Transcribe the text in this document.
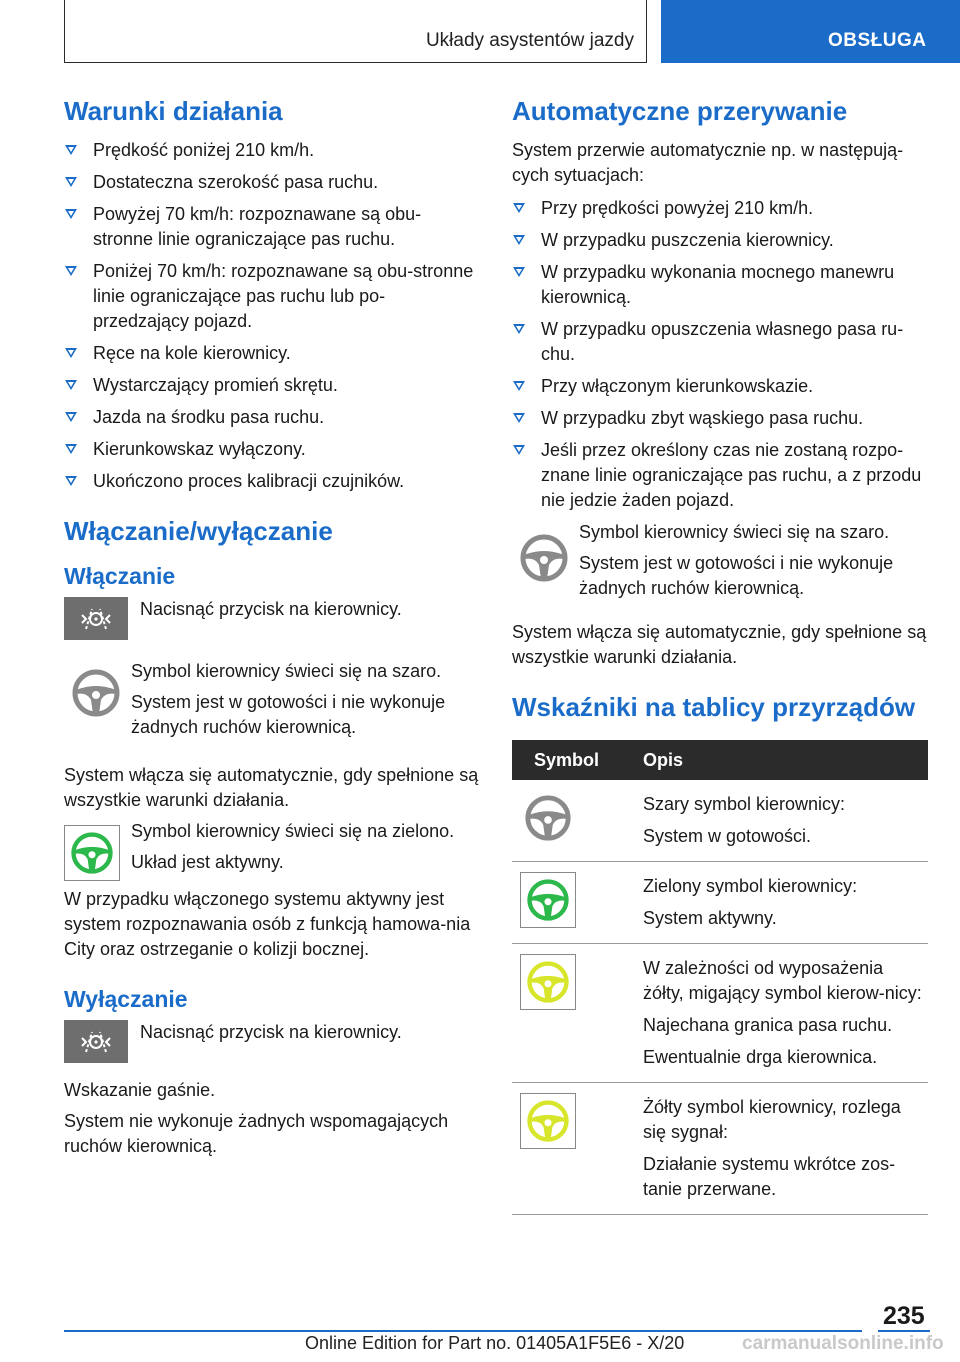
Układy asystentów jazdy	OBSŁUGA
Warunki działania
Prędkość poniżej 210 km/h.
Dostateczna szerokość pasa ruchu.
Powyżej 70 km/h: rozpoznawane są obu-stronne linie ograniczające pas ruchu.
Poniżej 70 km/h: rozpoznawane są obu-stronne linie ograniczające pas ruchu lub po-przedzający pojazd.
Ręce na kole kierownicy.
Wystarczający promień skrętu.
Jazda na środku pasa ruchu.
Kierunkowskaz wyłączony.
Ukończono proces kalibracji czujników.
Włączanie/wyłączanie
Włączanie

Nacisnąć przycisk na kierownicy.

Symbol kierownicy świeci się na szaro.

System jest w gotowości i nie wykonuje żadnych ruchów kierownicą.

System włącza się automatycznie, gdy spełnione są wszystkie warunki działania.

Symbol kierownicy świeci się na zielono.

Układ jest aktywny.

W przypadku włączonego systemu aktywny jest system rozpoznawania osób z funkcją hamowa-nia City oraz ostrzeganie o kolizji bocznej.

Wyłączanie

Nacisnąć przycisk na kierownicy.

Wskazanie gaśnie.

System nie wykonuje żadnych wspomagających ruchów kierownicą.

Automatyczne przerywanie

System przerwie automatycznie np. w następują-cych sytuacjach:

Przy prędkości powyżej 210 km/h.
W przypadku puszczenia kierownicy.
W przypadku wykonania mocnego manewru kierownicą.
W przypadku opuszczenia własnego pasa ru-chu.
Przy włączonym kierunkowskazie.
W przypadku zbyt wąskiego pasa ruchu.
Jeśli przez określony czas nie zostaną rozpo-znane linie ograniczające pas ruchu, a z przodu nie jedzie żaden pojazd.

Symbol kierownicy świeci się na szaro.

System jest w gotowości i nie wykonuje żadnych ruchów kierownicą.

System włącza się automatycznie, gdy spełnione są wszystkie warunki działania.

Wskaźniki na tablicy przyrządów
Symbol	Opis

Szary symbol kierownicy:

System w gotowości.

Zielony symbol kierownicy:

System aktywny.

W zależności od wyposażenia żółty, migający symbol kierow-nicy:

Najechana granica pasa ruchu.

Ewentualnie drga kierownica.

Żółty symbol kierownicy, rozlega się sygnał:

Działanie systemu wkrótce zos-tanie przerwane.

235
Online Edition for Part no. 01405A1F5E6 - X/20	carmanualsonline.info
